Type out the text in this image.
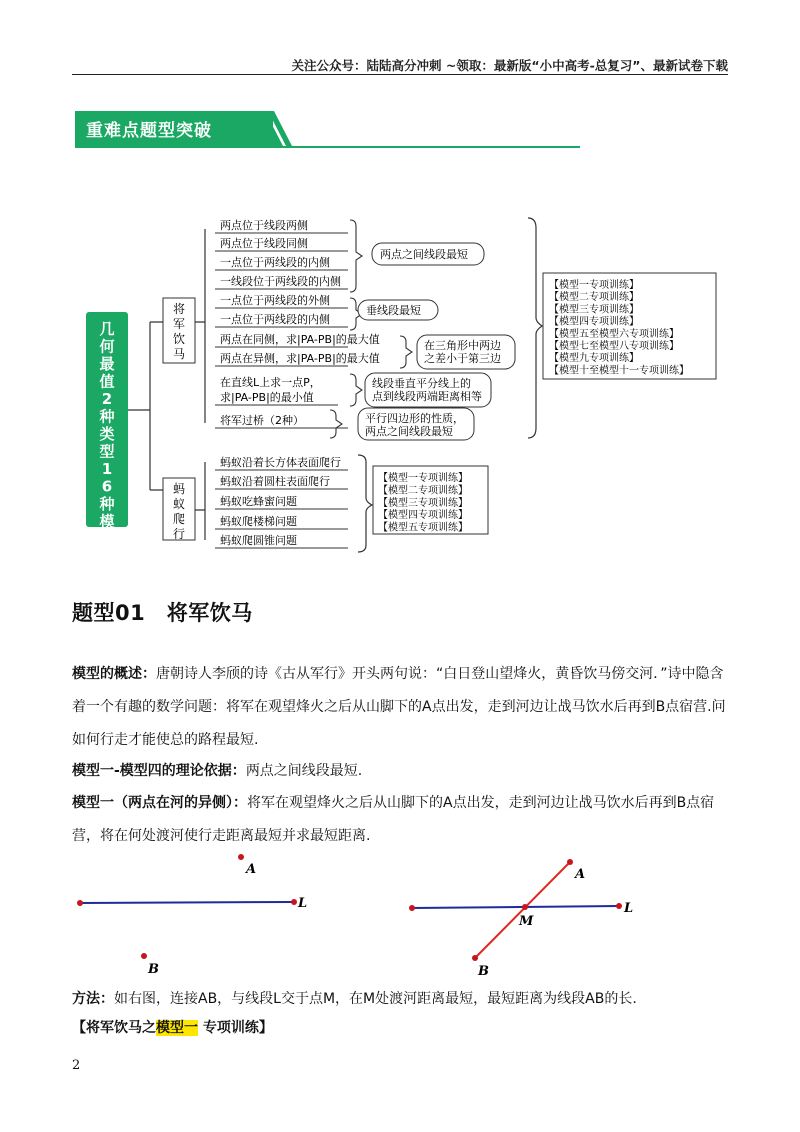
关注公众号：陆陆高分冲刺 ~领取：最新版“小中高考-总复习”、最新试卷下载
重难点题型突破
几何最值 2 种类型 1 6 种模型
将军饮马
蚂蚁爬行
两点位于线段两侧
两点位于线段同侧
一点位于两线段的内侧
一线段位于两线段的内侧
一点位于两线段的外侧
一点位于两线段的内侧
两点在同侧，求|PA-PB|的最大值
两点在异侧，求|PA-PB|的最大值
在直线L上求一点P，
求|PA-PB|的最小值
将军过桥（2种）
蚂蚁沿着长方体表面爬行
蚂蚁沿着圆柱表面爬行
蚂蚁吃蜂蜜问题
蚂蚁爬楼梯问题
蚂蚁爬圆锥问题
两点之间线段最短
垂线段最短
在三角形中两边之差小于第三边
线段垂直平分线上的点到线段两端距离相等
平行四边形的性质，两点之间线段最短
【模型一专项训练】
【模型二专项训练】
【模型三专项训练】
【模型四专项训练】
【模型五至模型六专项训练】
【模型七至模型八专项训练】
【模型九专项训练】
【模型十至模型十一专项训练】
【模型一专项训练】
【模型二专项训练】
【模型三专项训练】
【模型四专项训练】
【模型五专项训练】
题型01　将军饮马
模型的概述：唐朝诗人李颀的诗《古从军行》开头两句说：“白日登山望烽火，黄昏饮马傍交河．”诗中隐含着一个有趣的数学问题：将军在观望烽火之后从山脚下的A点出发，走到河边让战马饮水后再到B点宿营.问如何行走才能使总的路程最短.
模型一-模型四的理论依据：两点之间线段最短.
模型一（两点在河的异侧）：将军在观望烽火之后从山脚下的A点出发，走到河边让战马饮水后再到B点宿营，将在何处渡河使行走距离最短并求最短距离.
A
L
B
A
L
M
B
方法：如右图，连接AB，与线段L交于点M，在M处渡河距离最短，最短距离为线段AB的长.
【将军饮马之模型一 专项训练】
2
